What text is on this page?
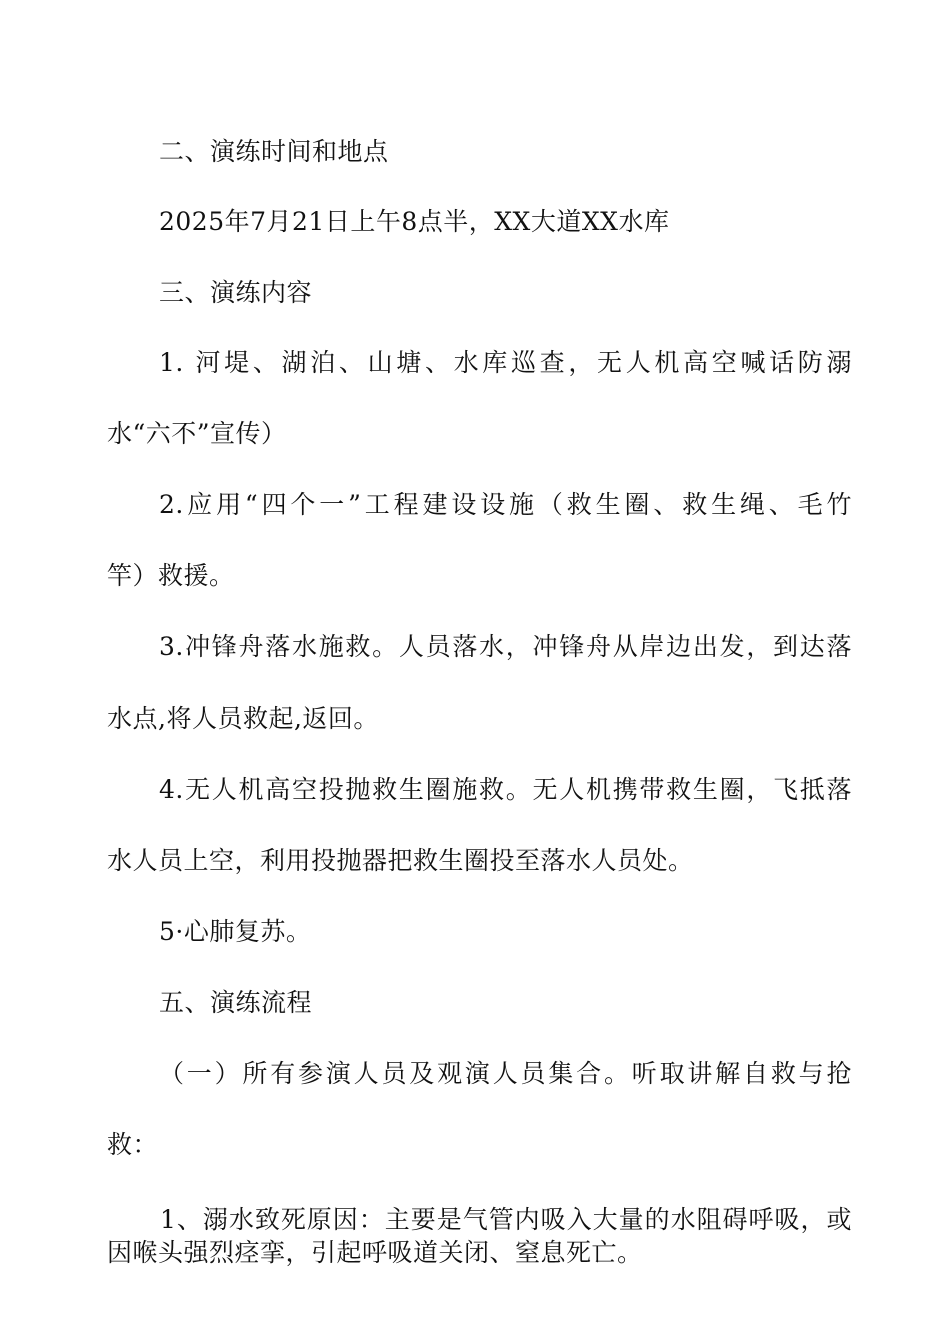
二、演练时间和地点
2025年7月21日上午8点半，XX大道XX水库
三、演练内容
1. 河堤、湖泊、山塘、水库巡查，无人机高空喊话防溺
水“六不”宣传）
2.应用“四个一”工程建设设施（救生圈、救生绳、毛竹
竿）救援。
3.冲锋舟落水施救。人员落水，冲锋舟从岸边出发，到达落
水点,将人员救起,返回。
4.无人机高空投抛救生圈施救。无人机携带救生圈，飞抵落
水人员上空，利用投抛器把救生圈投至落水人员处。
5·心肺复苏。
五、演练流程
（一）所有参演人员及观演人员集合。听取讲解自救与抢
救：
1、溺水致死原因：主要是气管内吸入大量的水阻碍呼吸，或
因喉头强烈痉挛，引起呼吸道关闭、窒息死亡。
